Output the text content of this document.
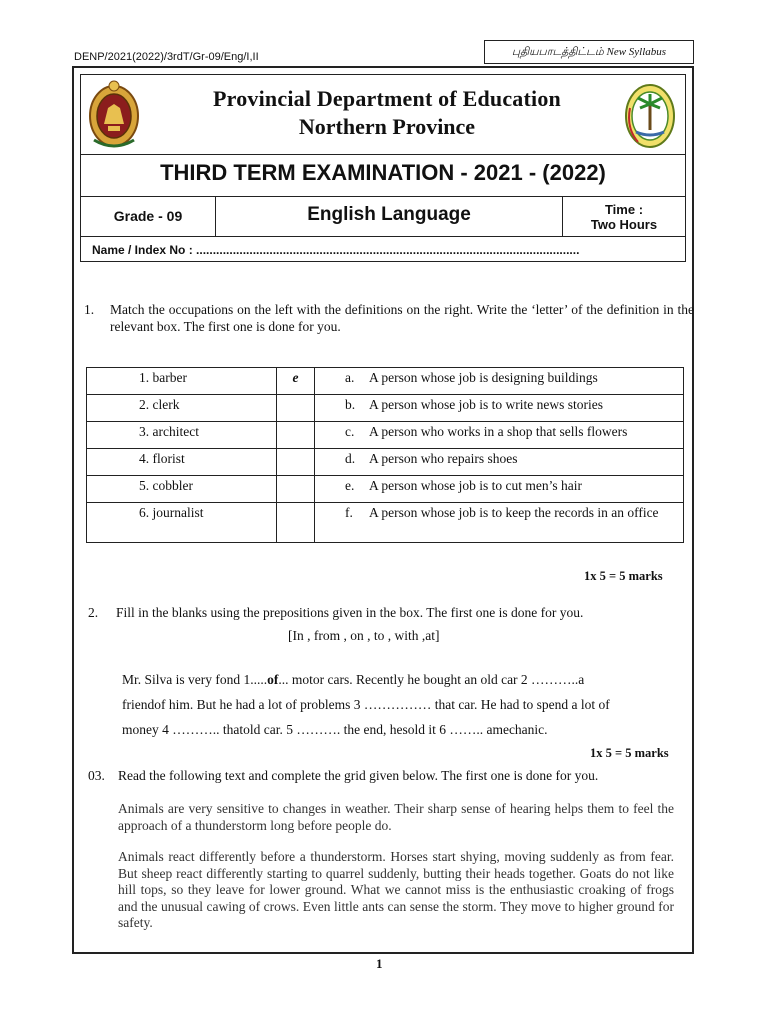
DENP/2021(2022)/3rdT/Gr-09/Eng/I,II	புதியபாடத்திட்டம் New Syllabus
Provincial Department of Education
Northern Province
THIRD TERM EXAMINATION - 2021 - (2022)
Grade - 09	English Language	Time :
Two Hours
Name / Index No : ...................................................................................................................
1. Match the occupations on the left with the definitions on the right. Write the ‘letter’ of the definition in the relevant box. The first one is done for you.
1. barber	e	a. A person whose job is designing buildings
2. clerk		b. A person whose job is to write news stories
3. architect		c. A person who works in a shop that sells flowers
4. florist		d. A person who repairs shoes
5. cobbler		e. A person whose job is to cut men’s hair
6. journalist		f. A person whose job is to keep the records in an office
1x 5 = 5 marks
2. Fill in the blanks using the prepositions given in the box. The first one is done for you.
[In , from , on , to , with ,at]
Mr. Silva is very fond 1.....of... motor cars. Recently he bought an old car 2 ………..a
friendof him. But he had a lot of problems 3 …………… that car. He had to spend a lot of
money 4 ……….. thatold car. 5 ………. the end, hesold it 6 …….. amechanic.
1x 5 = 5 marks
03. Read the following text and complete the grid given below. The first one is done for you.
Animals are very sensitive to changes in weather. Their sharp sense of hearing helps them to feel the approach of a thunderstorm long before people do.
Animals react differently before a thunderstorm. Horses start shying, moving suddenly as from fear. But sheep react differently starting to quarrel suddenly, butting their heads together. Goats do not like hill tops, so they leave for lower ground. What we cannot miss is the enthusiastic croaking of frogs and the unusual cawing of crows. Even little ants can sense the storm. They move to higher ground for safety.
1
